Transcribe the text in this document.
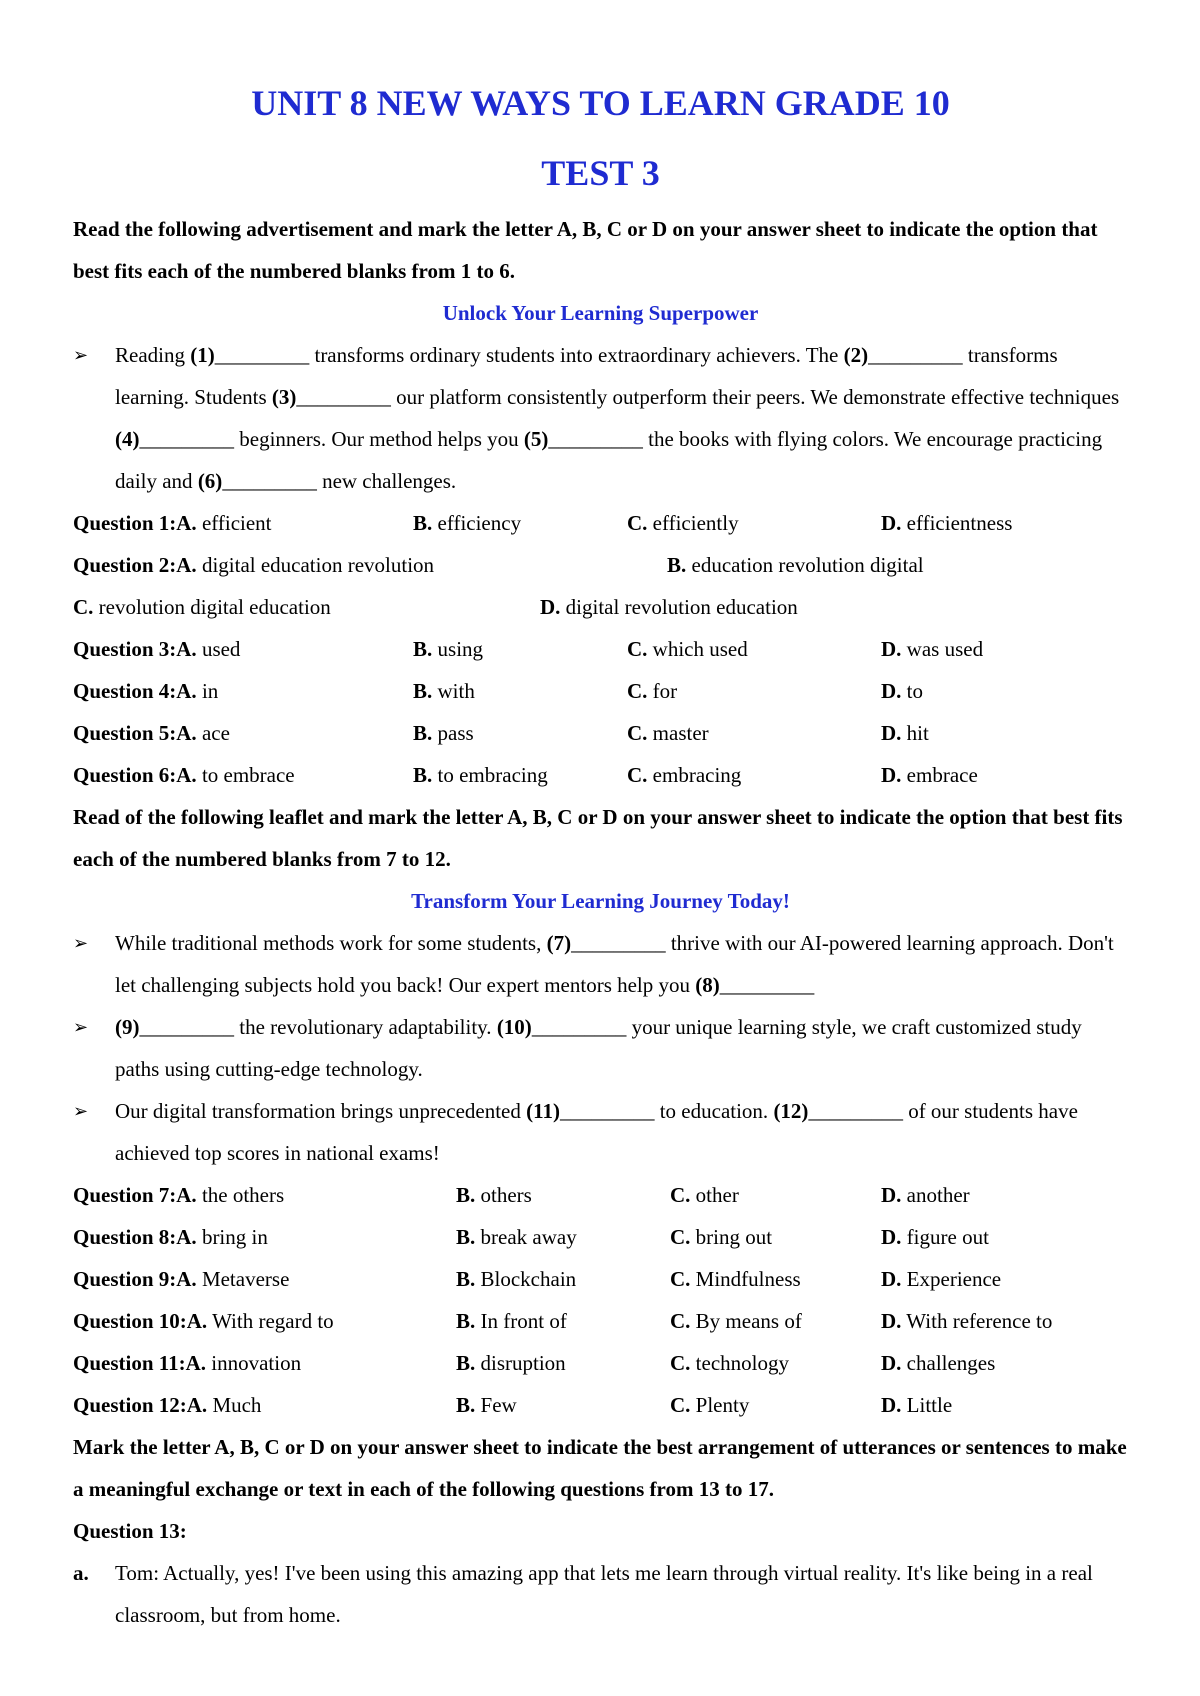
UNIT 8 NEW WAYS TO LEARN GRADE 10
TEST 3

Read the following advertisement and mark the letter A, B, C or D on your answer sheet to indicate the option that best fits each of the numbered blanks from 1 to 6.

Unlock Your Learning Superpower

➢	Reading (1)_________ transforms ordinary students into extraordinary achievers. The (2)_________ transforms learning. Students (3)_________ our platform consistently outperform their peers. We demonstrate effective techniques (4)_________ beginners. Our method helps you (5)_________ the books with flying colors. We encourage practicing daily and (6)_________ new challenges.
Question 1:A. efficient	B. efficiency	C. efficiently	D. efficientness
Question 2:A. digital education revolution	B. education revolution digital
C. revolution digital education	D. digital revolution education
Question 3:A. used	B. using	C. which used	D. was used
Question 4:A. in	B. with	C. for	D. to
Question 5:A. ace	B. pass	C. master	D. hit
Question 6:A. to embrace	B. to embracing	C. embracing	D. embrace

Read of the following leaflet and mark the letter A, B, C or D on your answer sheet to indicate the option that best fits each of the numbered blanks from 7 to 12.

Transform Your Learning Journey Today!

➢	While traditional methods work for some students, (7)_________ thrive with our AI-powered learning approach. Don't let challenging subjects hold you back! Our expert mentors help you (8)_________
➢	(9)_________ the revolutionary adaptability. (10)_________ your unique learning style, we craft customized study paths using cutting-edge technology.
➢	Our digital transformation brings unprecedented (11)_________ to education. (12)_________ of our students have achieved top scores in national exams!
Question 7:A. the others	B. others	C. other	D. another
Question 8:A. bring in	B. break away	C. bring out	D. figure out
Question 9:A. Metaverse	B. Blockchain	C. Mindfulness	D. Experience
Question 10:A. With regard to	B. In front of	C. By means of	D. With reference to
Question 11:A. innovation	B. disruption	C. technology	D. challenges
Question 12:A. Much	B. Few	C. Plenty	D. Little

Mark the letter A, B, C or D on your answer sheet to indicate the best arrangement of utterances or sentences to make a meaningful exchange or text in each of the following questions from 13 to 17.

Question 13:

a.	Tom: Actually, yes! I've been using this amazing app that lets me learn through virtual reality. It's like being in a real classroom, but from home.
